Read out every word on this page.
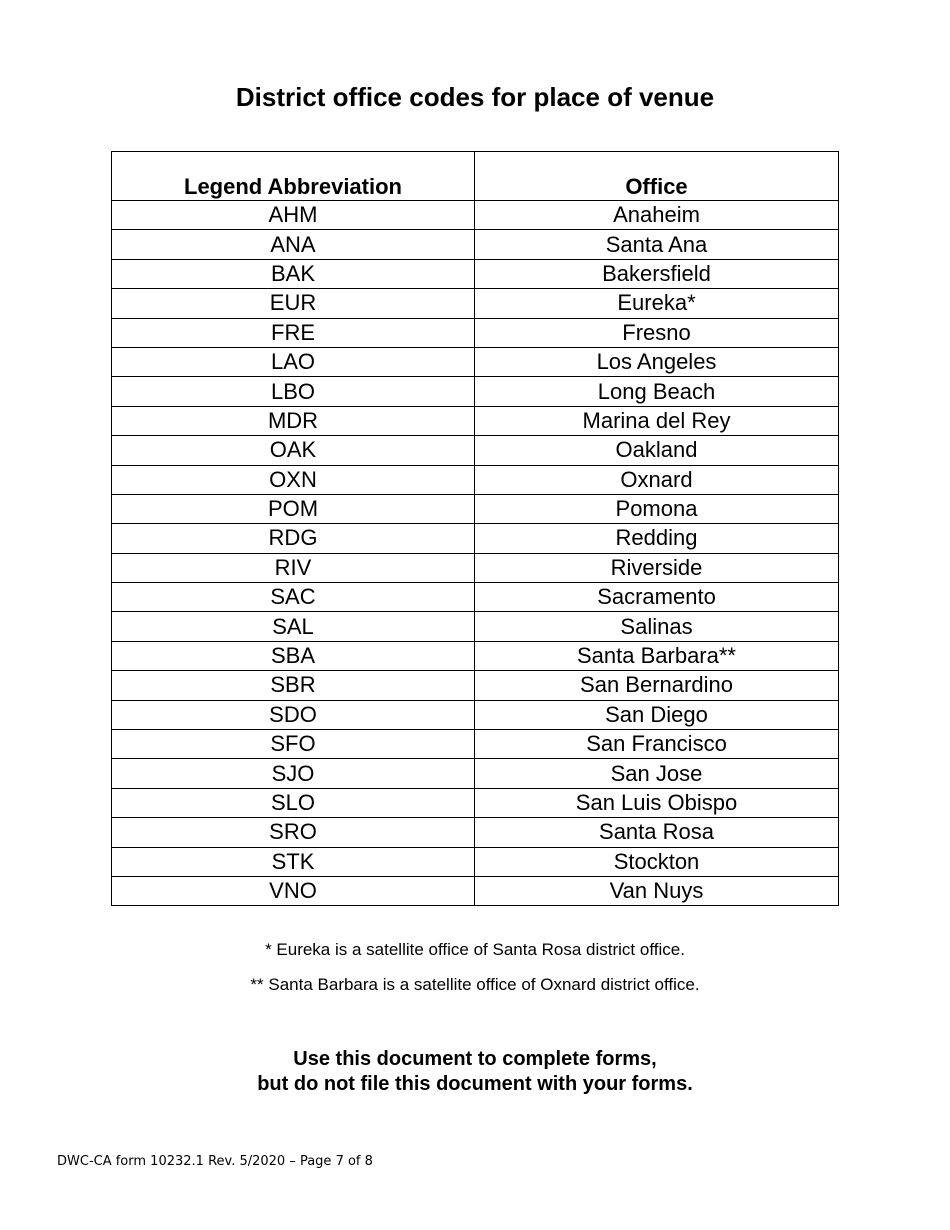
District office codes for place of venue
Legend Abbreviation	Office
AHM	Anaheim
ANA	Santa Ana
BAK	Bakersfield
EUR	Eureka*
FRE	Fresno
LAO	Los Angeles
LBO	Long Beach
MDR	Marina del Rey
OAK	Oakland
OXN	Oxnard
POM	Pomona
RDG	Redding
RIV	Riverside
SAC	Sacramento
SAL	Salinas
SBA	Santa Barbara**
SBR	San Bernardino
SDO	San Diego
SFO	San Francisco
SJO	San Jose
SLO	San Luis Obispo
SRO	Santa Rosa
STK	Stockton
VNO	Van Nuys
* Eureka is a satellite office of Santa Rosa district office.
** Santa Barbara is a satellite office of Oxnard district office.
Use this document to complete forms,
but do not file this document with your forms.
DWC-CA form 10232.1 Rev. 5/2020 – Page 7 of 8
